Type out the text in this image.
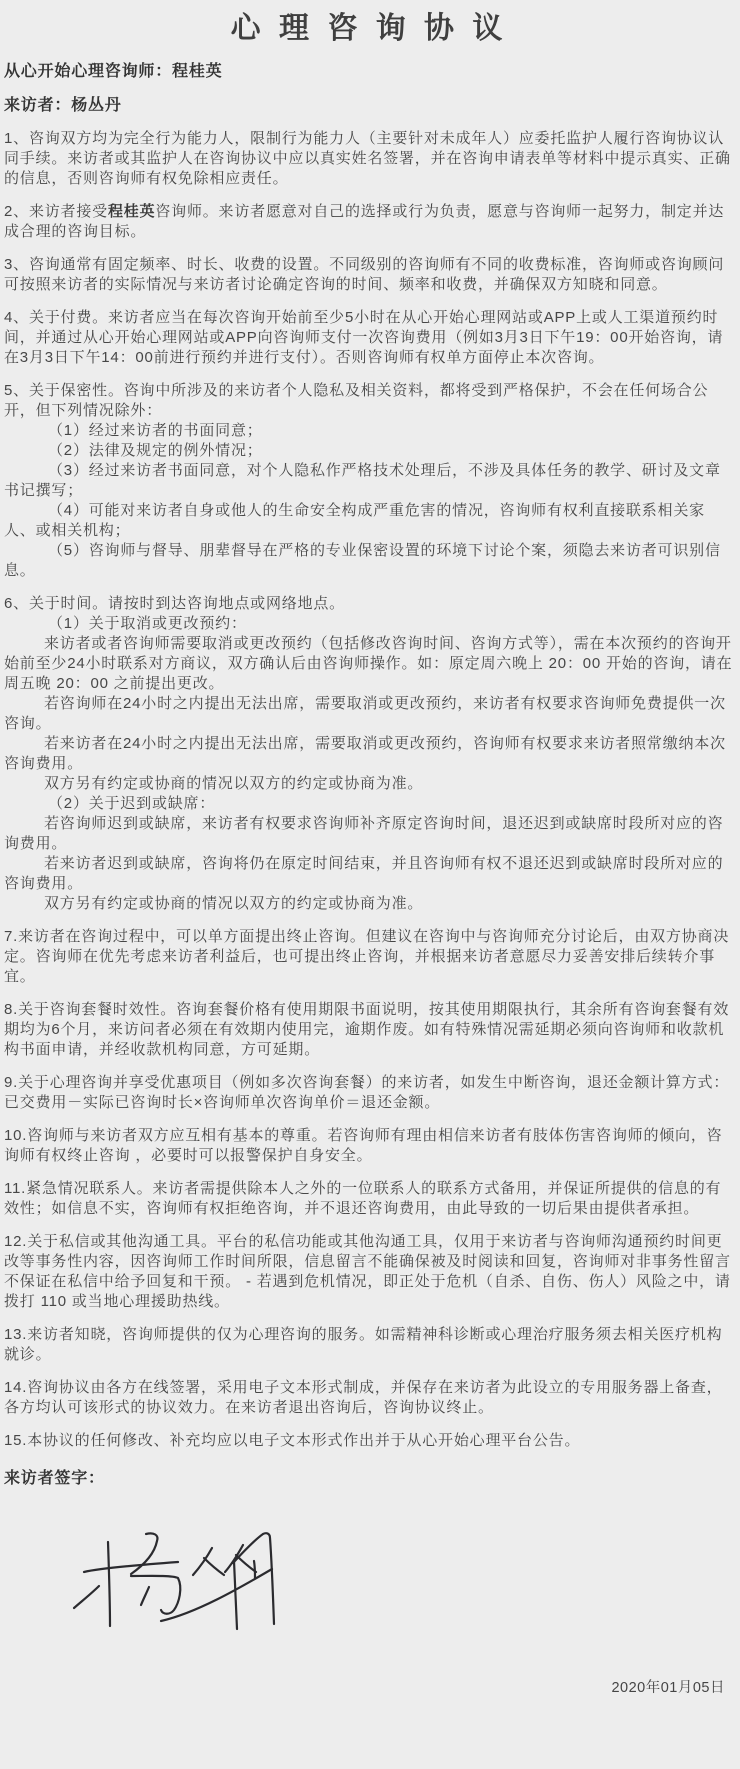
心 理 咨 询 协 议

从心开始心理咨询师：程桂英

来访者：杨丛丹

1、咨询双方均为完全行为能力人，限制行为能力人（主要针对未成年人）应委托监护人履行咨询协议认同手续。来访者或其监护人在咨询协议中应以真实姓名签署，并在咨询申请表单等材料中提示真实、正确的信息，否则咨询师有权免除相应责任。

2、来访者接受程桂英咨询师。来访者愿意对自己的选择或行为负责，愿意与咨询师一起努力，制定并达成合理的咨询目标。

3、咨询通常有固定频率、时长、收费的设置。不同级别的咨询师有不同的收费标准，咨询师或咨询顾问可按照来访者的实际情况与来访者讨论确定咨询的时间、频率和收费，并确保双方知晓和同意。

4、关于付费。来访者应当在每次咨询开始前至少5小时在从心开始心理网站或APP上或人工渠道预约时间，并通过从心开始心理网站或APP向咨询师支付一次咨询费用（例如3月3日下午19：00开始咨询，请在3月3日下午14：00前进行预约并进行支付）。否则咨询师有权单方面停止本次咨询。

5、关于保密性。咨询中所涉及的来访者个人隐私及相关资料，都将受到严格保护，不会在任何场合公开，但下列情况除外：

（1）经过来访者的书面同意；

（2）法律及规定的例外情况；

（3）经过来访者书面同意，对个人隐私作严格技术处理后，不涉及具体任务的教学、研讨及文章书记撰写；

（4）可能对来访者自身或他人的生命安全构成严重危害的情况，咨询师有权利直接联系相关家人、或相关机构；

（5）咨询师与督导、朋辈督导在严格的专业保密设置的环境下讨论个案，须隐去来访者可识别信息。

6、关于时间。请按时到达咨询地点或网络地点。

（1）关于取消或更改预约：

来访者或者咨询师需要取消或更改预约（包括修改咨询时间、咨询方式等），需在本次预约的咨询开始前至少24小时联系对方商议，双方确认后由咨询师操作。如：原定周六晚上 20：00 开始的咨询，请在周五晚 20：00 之前提出更改。

若咨询师在24小时之内提出无法出席，需要取消或更改预约，来访者有权要求咨询师免费提供一次咨询。

若来访者在24小时之内提出无法出席，需要取消或更改预约，咨询师有权要求来访者照常缴纳本次咨询费用。

双方另有约定或协商的情况以双方的约定或协商为准。

（2）关于迟到或缺席：

若咨询师迟到或缺席，来访者有权要求咨询师补齐原定咨询时间，退还迟到或缺席时段所对应的咨询费用。

若来访者迟到或缺席，咨询将仍在原定时间结束，并且咨询师有权不退还迟到或缺席时段所对应的咨询费用。

双方另有约定或协商的情况以双方的约定或协商为准。

7.来访者在咨询过程中，可以单方面提出终止咨询。但建议在咨询中与咨询师充分讨论后，由双方协商决定。咨询师在优先考虑来访者利益后，也可提出终止咨询，并根据来访者意愿尽力妥善安排后续转介事宜。

8.关于咨询套餐时效性。咨询套餐价格有使用期限书面说明，按其使用期限执行，其余所有咨询套餐有效期均为6个月，来访问者必须在有效期内使用完，逾期作废。如有特殊情况需延期必须向咨询师和收款机构书面申请，并经收款机构同意，方可延期。

9.关于心理咨询并享受优惠项目（例如多次咨询套餐）的来访者，如发生中断咨询，退还金额计算方式： 已交费用－实际已咨询时长×咨询师单次咨询单价＝退还金额。

10.咨询师与来访者双方应互相有基本的尊重。若咨询师有理由相信来访者有肢体伤害咨询师的倾向，咨询师有权终止咨询 ，必要时可以报警保护自身安全。

11.紧急情况联系人。来访者需提供除本人之外的一位联系人的联系方式备用，并保证所提供的信息的有效性；如信息不实，咨询师有权拒绝咨询，并不退还咨询费用，由此导致的一切后果由提供者承担。

12.关于私信或其他沟通工具。平台的私信功能或其他沟通工具，仅用于来访者与咨询师沟通预约时间更改等事务性内容，因咨询师工作时间所限，信息留言不能确保被及时阅读和回复，咨询师对非事务性留言不保证在私信中给予回复和干预。 - 若遇到危机情况，即正处于危机（自杀、自伤、伤人）风险之中，请拨打 110 或当地心理援助热线。

13.来访者知晓，咨询师提供的仅为心理咨询的服务。如需精神科诊断或心理治疗服务须去相关医疗机构就诊。

14.咨询协议由各方在线签署，采用电子文本形式制成，并保存在来访者为此设立的专用服务器上备查，各方均认可该形式的协议效力。在来访者退出咨询后，咨询协议终止。

15.本协议的任何修改、补充均应以电子文本形式作出并于从心开始心理平台公告。

来访者签字：

2020年01月05日
